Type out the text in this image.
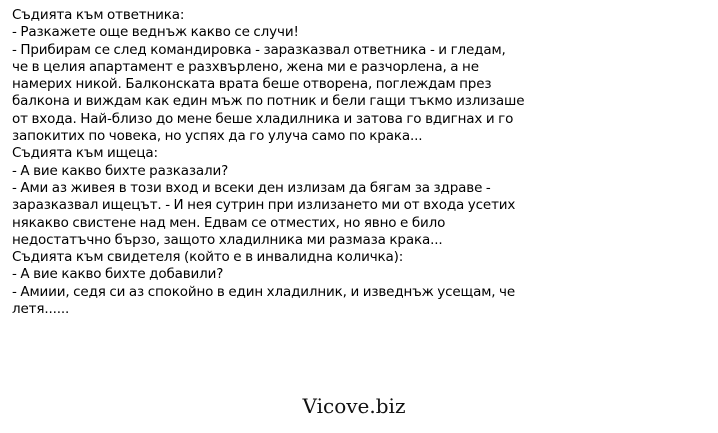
Съдията към ответника:
- Разкажете още веднъж какво се случи!
- Прибирам се след командировка - заразказвал ответника - и гледам,
че в целия апартамент е разхвърлено, жена ми е разчорлена, а не
намерих никой. Балконската врата беше отворена, поглеждам през
балкона и виждам как един мъж по потник и бели гащи тъкмо излизаше
от входа. Най-близо до мене беше хладилника и затова го вдигнах и го
запокитих по човека, но успях да го улуча само по крака...
Съдията към ищеца:
- А вие какво бихте разказали?
- Ами аз живея в този вход и всеки ден излизам да бягам за здраве -
заразказвал ищецът. - И нея сутрин при излизането ми от входа усетих
някакво свистене над мен. Едвам се отместих, но явно е било
недостатъчно бързо, защото хладилника ми размаза крака...
Съдията към свидетеля (който е в инвалидна количка):
- А вие какво бихте добавили?
- Амиии, седя си аз спокойно в един хладилник, и изведнъж усещам, че
летя......
Vicove.biz
